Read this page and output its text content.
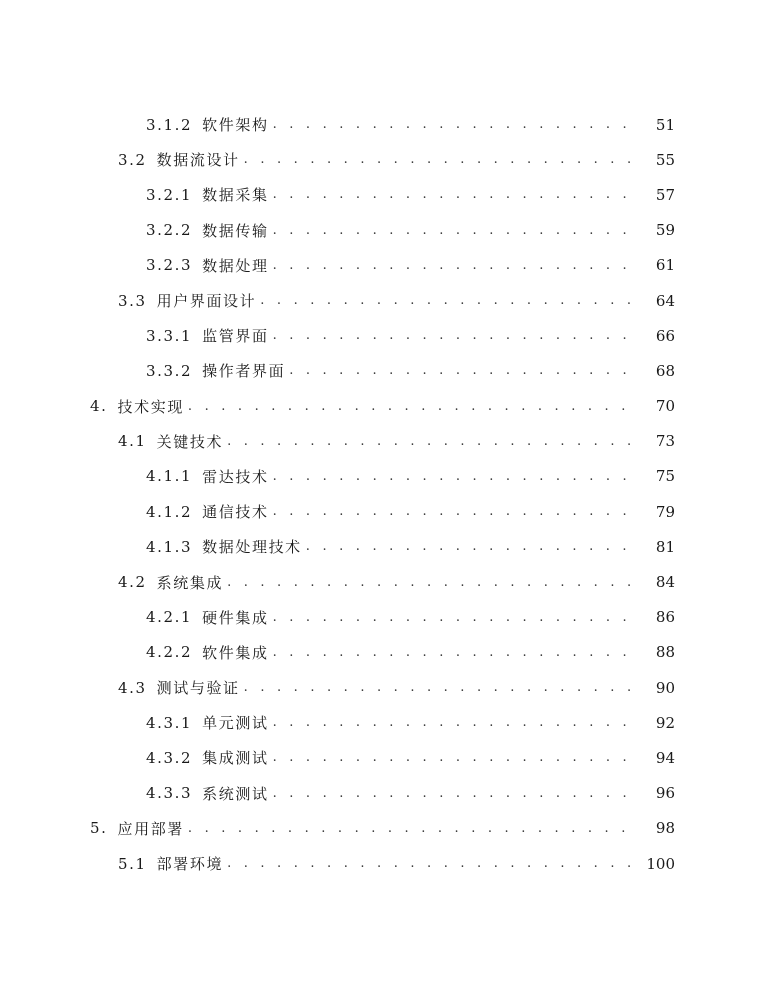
3.1.2 软件架构 . . .	51
3.2 数据流设计 . . .	55
3.2.1 数据采集 . . .	57
3.2.2 数据传输 . . .	59
3.2.3 数据处理 . . .	61
3.3 用户界面设计 . . .	64
3.3.1 监管界面 . . .	66
3.3.2 操作者界面 . . .	68
4. 技术实现 . . .	70
4.1 关键技术 . . .	73
4.1.1 雷达技术 . . .	75
4.1.2 通信技术 . . .	79
4.1.3 数据处理技术 . . .	81
4.2 系统集成 . . .	84
4.2.1 硬件集成 . . .	86
4.2.2 软件集成 . . .	88
4.3 测试与验证 . . .	90
4.3.1 单元测试 . . .	92
4.3.2 集成测试 . . .	94
4.3.3 系统测试 . . .	96
5. 应用部署 . . .	98
5.1 部署环境 . . .	100
